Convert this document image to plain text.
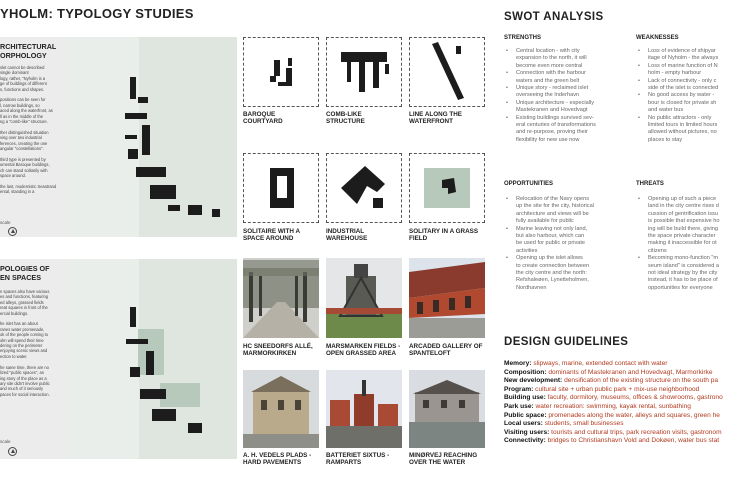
YHOLM: TYPOLOGY STUDIES
RCHITECTURAL
ORPHOLOGY
slet cannot be described
single dominant
logy, rather, "Nyholm is a
ge of buildings of different
s, functions and shapes.

positions can be seen for
l, narrow buildings, so
aced along the waterfront, as
ll as in the middle of the
ng a "comb-like" structure.

ther distinguished situation
ving over two industrial
ferences, creating the one
angular "constellations".

third type is presented by
umental Baroque buildings,
ch can stand solitarily with
space around.

the last, modernistic Seastrand
ental, standing in a
scale
POLOGIES OF
EN SPACES
n spaces also have various
es and functions, featuring
ed alleys, grassed fields
reat squares in front of the
ercial buildings.

he islet has an about
ranes water promenade,
ok of the people coming to
olm will spend their time
dering on the perimeter
enjoying scenic views and
ection to water.

he same time, there are no
lized "public spaces", as
ing story of the place as a
ary site didn't involve public
and much of it seriously
paces for social interaction.
scale
BAROQUE
COURTYARD
COMB-LIKE
STRUCTURE
LINE ALONG THE
WATERFRONT
SOLITAIRE WITH A
SPACE AROUND
INDUSTRIAL
WAREHOUSE
SOLITARY IN A GRASS
FIELD
HC SNEEDORFS ALLÉ,
MARMORKIRKEN
MARSMARKEN FIELDS -
OPEN GRASSED AREA
ARCADED GALLERY OF
SPANTELOFT
A. H. VEDELS PLADS -
HARD PAVEMENTS
BATTERIET SIXTUS -
RAMPARTS
MINØRVEJ REACHING
OVER THE WATER
SWOT ANALYSIS
STRENGTHS
• Central location - with city
expansion to the north, it will
become even more central
• Connection with the harbour
waters and the green belt
• Unique story - reclaimed islet
overseeing the Inderhavn
• Unique architecture - especially
Mastekranen and Hovedvagt
• Existing buildings survived sev-
eral centuries of transformations
and re-purpose, proving their
flexibility for new use now
WEAKNESSES
• Loss of evidence of shipyar
itage of Nyholm - the always
• Loss of marine function of N
holm - empty harbour
• Lack of connectivity - only c
side of the islet is connected
• No good access by water -
bour is closed for private sh
and water bus
• No public attractors - only
limited tours in limited hours
allowed without pictures, no
places to stay
OPPORTUNITIES
• Relocation of the Navy opens
up the site for the city, historical
architecture and views will be
fully available for public
• Marine leaving not only land,
but also harbour, which can
be used for public or private
activities
• Opening up the islet allows
to create connection between
the city centre and the north:
Refshaleøen, Lynetteholmen,
Nordhavnen
THREATS
• Opening up of such a piece
land in the city centre rises d
cussion of gentrification issu
is possible that expensive ho
ing will be build there, giving
the space private character
making it inaccessible for ot
citizens
• Becoming mono-function "m
seum island" is considered a
not ideal strategy by the city
instead, it has to be place of
opportunities for everyone
DESIGN GUIDELINES
Memory: slipways, marine, extended contact with water
Composition: dominants of Mastekranen and Hovedvagt, Marmorkirke
New development: densification of the existing structure on the south pa
Program: cultural site + urban public park + mix-use neighborhood
Building use: faculty, dormitory, museums, offices & showrooms, gastrono
Park use: water recreation: swimming, kayak rental, sunbathing
Public space: promenades along the water, alleys and squares, green he
Local users: students, small businesses
Visiting users: tourists and cultural trips, park recreation visits, gastronom
Connectivity: bridges to Christianshavn Vold and Dokøen, water bus stat
